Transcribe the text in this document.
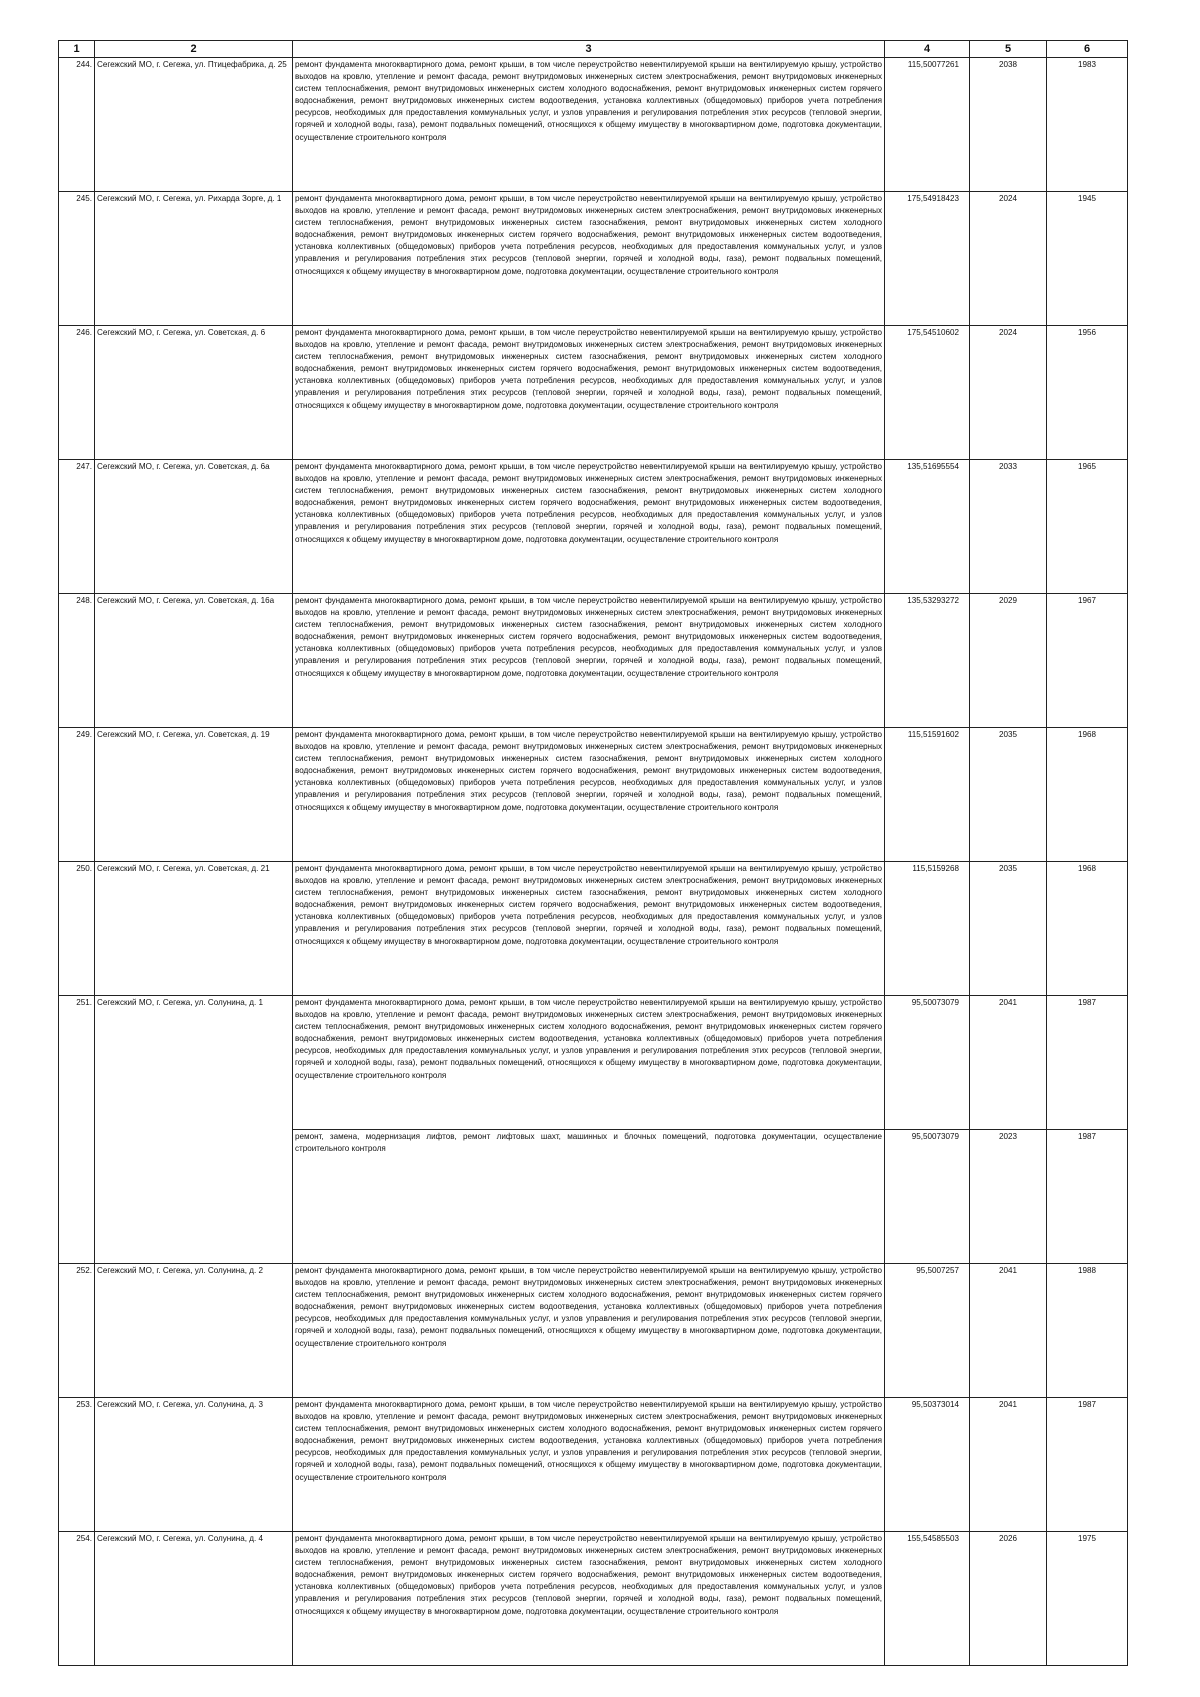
1	2	3	4	5	6
244.	Сегежский МО, г. Сегежа, ул. Птицефабрика, д. 25	ремонт фундамента многоквартирного дома, ремонт крыши, в том числе переустройство невентилируемой крыши на вентилируемую крышу, устройство выходов на кровлю, утепление и ремонт фасада, ремонт внутридомовых инженерных систем электроснабжения, ремонт внутридомовых инженерных систем теплоснабжения, ремонт внутридомовых инженерных систем холодного водоснабжения, ремонт внутридомовых инженерных систем горячего водоснабжения, ремонт внутридомовых инженерных систем водоотведения, установка коллективных (общедомовых) приборов учета потребления ресурсов, необходимых для предоставления коммунальных услуг, и узлов управления и регулирования потребления этих ресурсов (тепловой энергии, горячей и холодной воды, газа), ремонт подвальных помещений, относящихся к общему имуществу в многоквартирном доме, подготовка документации, осуществление строительного контроля	115,50077261	2038	1983
245.	Сегежский МО, г. Сегежа, ул. Рихарда Зорге, д. 1	ремонт фундамента многоквартирного дома, ремонт крыши, в том числе переустройство невентилируемой крыши на вентилируемую крышу, устройство выходов на кровлю, утепление и ремонт фасада, ремонт внутридомовых инженерных систем электроснабжения, ремонт внутридомовых инженерных систем теплоснабжения, ремонт внутридомовых инженерных систем газоснабжения, ремонт внутридомовых инженерных систем холодного водоснабжения, ремонт внутридомовых инженерных систем горячего водоснабжения, ремонт внутридомовых инженерных систем водоотведения, установка коллективных (общедомовых) приборов учета потребления ресурсов, необходимых для предоставления коммунальных услуг, и узлов управления и регулирования потребления этих ресурсов (тепловой энергии, горячей и холодной воды, газа), ремонт подвальных помещений, относящихся к общему имуществу в многоквартирном доме, подготовка документации, осуществление строительного контроля	175,54918423	2024	1945
246.	Сегежский МО, г. Сегежа, ул. Советская, д. 6	ремонт фундамента многоквартирного дома, ремонт крыши, в том числе переустройство невентилируемой крыши на вентилируемую крышу, устройство выходов на кровлю, утепление и ремонт фасада, ремонт внутридомовых инженерных систем электроснабжения, ремонт внутридомовых инженерных систем теплоснабжения, ремонт внутридомовых инженерных систем газоснабжения, ремонт внутридомовых инженерных систем холодного водоснабжения, ремонт внутридомовых инженерных систем горячего водоснабжения, ремонт внутридомовых инженерных систем водоотведения, установка коллективных (общедомовых) приборов учета потребления ресурсов, необходимых для предоставления коммунальных услуг, и узлов управления и регулирования потребления этих ресурсов (тепловой энергии, горячей и холодной воды, газа), ремонт подвальных помещений, относящихся к общему имуществу в многоквартирном доме, подготовка документации, осуществление строительного контроля	175,54510602	2024	1956
247.	Сегежский МО, г. Сегежа, ул. Советская, д. 6а	ремонт фундамента многоквартирного дома, ремонт крыши, в том числе переустройство невентилируемой крыши на вентилируемую крышу, устройство выходов на кровлю, утепление и ремонт фасада, ремонт внутридомовых инженерных систем электроснабжения, ремонт внутридомовых инженерных систем теплоснабжения, ремонт внутридомовых инженерных систем газоснабжения, ремонт внутридомовых инженерных систем холодного водоснабжения, ремонт внутридомовых инженерных систем горячего водоснабжения, ремонт внутридомовых инженерных систем водоотведения, установка коллективных (общедомовых) приборов учета потребления ресурсов, необходимых для предоставления коммунальных услуг, и узлов управления и регулирования потребления этих ресурсов (тепловой энергии, горячей и холодной воды, газа), ремонт подвальных помещений, относящихся к общему имуществу в многоквартирном доме, подготовка документации, осуществление строительного контроля	135,51695554	2033	1965
248.	Сегежский МО, г. Сегежа, ул. Советская, д. 16а	ремонт фундамента многоквартирного дома, ремонт крыши, в том числе переустройство невентилируемой крыши на вентилируемую крышу, устройство выходов на кровлю, утепление и ремонт фасада, ремонт внутридомовых инженерных систем электроснабжения, ремонт внутридомовых инженерных систем теплоснабжения, ремонт внутридомовых инженерных систем газоснабжения, ремонт внутридомовых инженерных систем холодного водоснабжения, ремонт внутридомовых инженерных систем горячего водоснабжения, ремонт внутридомовых инженерных систем водоотведения, установка коллективных (общедомовых) приборов учета потребления ресурсов, необходимых для предоставления коммунальных услуг, и узлов управления и регулирования потребления этих ресурсов (тепловой энергии, горячей и холодной воды, газа), ремонт подвальных помещений, относящихся к общему имуществу в многоквартирном доме, подготовка документации, осуществление строительного контроля	135,53293272	2029	1967
249.	Сегежский МО, г. Сегежа, ул. Советская, д. 19	ремонт фундамента многоквартирного дома, ремонт крыши, в том числе переустройство невентилируемой крыши на вентилируемую крышу, устройство выходов на кровлю, утепление и ремонт фасада, ремонт внутридомовых инженерных систем электроснабжения, ремонт внутридомовых инженерных систем теплоснабжения, ремонт внутридомовых инженерных систем газоснабжения, ремонт внутридомовых инженерных систем холодного водоснабжения, ремонт внутридомовых инженерных систем горячего водоснабжения, ремонт внутридомовых инженерных систем водоотведения, установка коллективных (общедомовых) приборов учета потребления ресурсов, необходимых для предоставления коммунальных услуг, и узлов управления и регулирования потребления этих ресурсов (тепловой энергии, горячей и холодной воды, газа), ремонт подвальных помещений, относящихся к общему имуществу в многоквартирном доме, подготовка документации, осуществление строительного контроля	115,51591602	2035	1968
250.	Сегежский МО, г. Сегежа, ул. Советская, д. 21	ремонт фундамента многоквартирного дома, ремонт крыши, в том числе переустройство невентилируемой крыши на вентилируемую крышу, устройство выходов на кровлю, утепление и ремонт фасада, ремонт внутридомовых инженерных систем электроснабжения, ремонт внутридомовых инженерных систем теплоснабжения, ремонт внутридомовых инженерных систем газоснабжения, ремонт внутридомовых инженерных систем холодного водоснабжения, ремонт внутридомовых инженерных систем горячего водоснабжения, ремонт внутридомовых инженерных систем водоотведения, установка коллективных (общедомовых) приборов учета потребления ресурсов, необходимых для предоставления коммунальных услуг, и узлов управления и регулирования потребления этих ресурсов (тепловой энергии, горячей и холодной воды, газа), ремонт подвальных помещений, относящихся к общему имуществу в многоквартирном доме, подготовка документации, осуществление строительного контроля	115,5159268	2035	1968
251.	Сегежский МО, г. Сегежа, ул. Солунина, д. 1	ремонт фундамента многоквартирного дома, ремонт крыши, в том числе переустройство невентилируемой крыши на вентилируемую крышу, устройство выходов на кровлю, утепление и ремонт фасада, ремонт внутридомовых инженерных систем электроснабжения, ремонт внутридомовых инженерных систем теплоснабжения, ремонт внутридомовых инженерных систем холодного водоснабжения, ремонт внутридомовых инженерных систем горячего водоснабжения, ремонт внутридомовых инженерных систем водоотведения, установка коллективных (общедомовых) приборов учета потребления ресурсов, необходимых для предоставления коммунальных услуг, и узлов управления и регулирования потребления этих ресурсов (тепловой энергии, горячей и холодной воды, газа), ремонт подвальных помещений, относящихся к общему имуществу в многоквартирном доме, подготовка документации, осуществление строительного контроля	95,50073079	2041	1987
		ремонт, замена, модернизация лифтов, ремонт лифтовых шахт, машинных и блочных помещений, подготовка документации, осуществление строительного контроля	95,50073079	2023	1987
252.	Сегежский МО, г. Сегежа, ул. Солунина, д. 2	ремонт фундамента многоквартирного дома, ремонт крыши, в том числе переустройство невентилируемой крыши на вентилируемую крышу, устройство выходов на кровлю, утепление и ремонт фасада, ремонт внутридомовых инженерных систем электроснабжения, ремонт внутридомовых инженерных систем теплоснабжения, ремонт внутридомовых инженерных систем холодного водоснабжения, ремонт внутридомовых инженерных систем горячего водоснабжения, ремонт внутридомовых инженерных систем водоотведения, установка коллективных (общедомовых) приборов учета потребления ресурсов, необходимых для предоставления коммунальных услуг, и узлов управления и регулирования потребления этих ресурсов (тепловой энергии, горячей и холодной воды, газа), ремонт подвальных помещений, относящихся к общему имуществу в многоквартирном доме, подготовка документации, осуществление строительного контроля	95,5007257	2041	1988
253.	Сегежский МО, г. Сегежа, ул. Солунина, д. 3	ремонт фундамента многоквартирного дома, ремонт крыши, в том числе переустройство невентилируемой крыши на вентилируемую крышу, устройство выходов на кровлю, утепление и ремонт фасада, ремонт внутридомовых инженерных систем электроснабжения, ремонт внутридомовых инженерных систем теплоснабжения, ремонт внутридомовых инженерных систем холодного водоснабжения, ремонт внутридомовых инженерных систем горячего водоснабжения, ремонт внутридомовых инженерных систем водоотведения, установка коллективных (общедомовых) приборов учета потребления ресурсов, необходимых для предоставления коммунальных услуг, и узлов управления и регулирования потребления этих ресурсов (тепловой энергии, горячей и холодной воды, газа), ремонт подвальных помещений, относящихся к общему имуществу в многоквартирном доме, подготовка документации, осуществление строительного контроля	95,50373014	2041	1987
254.	Сегежский МО, г. Сегежа, ул. Солунина, д. 4	ремонт фундамента многоквартирного дома, ремонт крыши, в том числе переустройство невентилируемой крыши на вентилируемую крышу, устройство выходов на кровлю, утепление и ремонт фасада, ремонт внутридомовых инженерных систем электроснабжения, ремонт внутридомовых инженерных систем теплоснабжения, ремонт внутридомовых инженерных систем газоснабжения, ремонт внутридомовых инженерных систем холодного водоснабжения, ремонт внутридомовых инженерных систем горячего водоснабжения, ремонт внутридомовых инженерных систем водоотведения, установка коллективных (общедомовых) приборов учета потребления ресурсов, необходимых для предоставления коммунальных услуг, и узлов управления и регулирования потребления этих ресурсов (тепловой энергии, горячей и холодной воды, газа), ремонт подвальных помещений, относящихся к общему имуществу в многоквартирном доме, подготовка документации, осуществление строительного контроля	155,54585503	2026	1975
